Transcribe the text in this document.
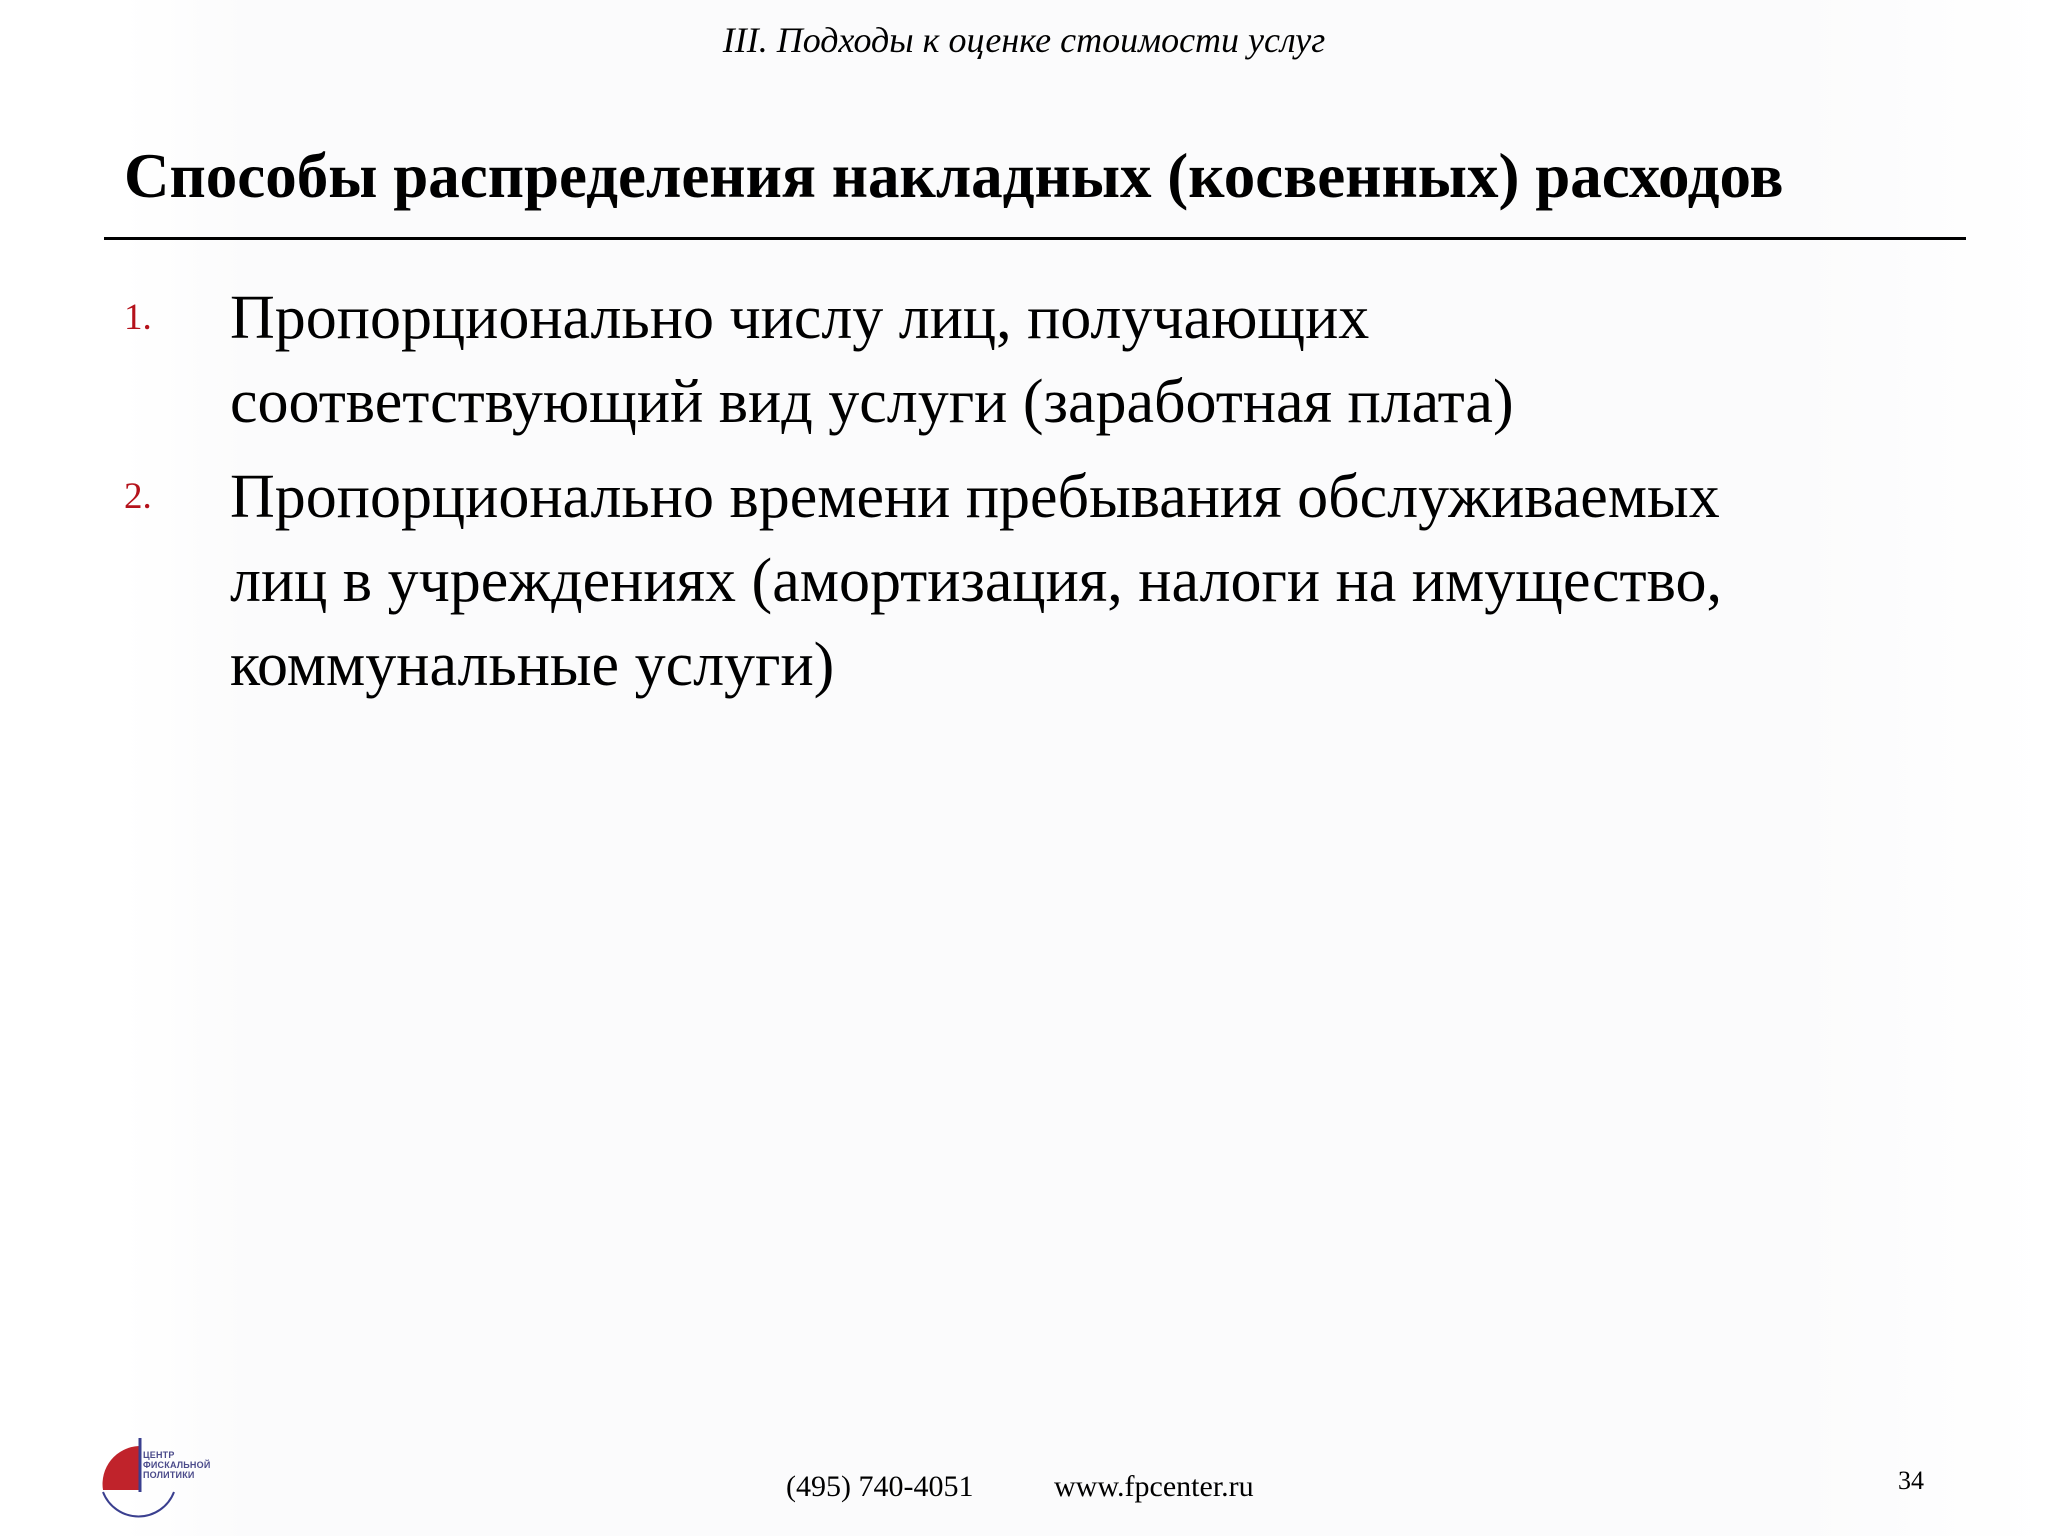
III. Подходы к оценке стоимости услуг
Способы распределения накладных (косвенных) расходов
1. Пропорционально числу лиц, получающих
соответствующий вид услуги (заработная плата)
2. Пропорционально времени пребывания обслуживаемых
лиц в учреждениях (амортизация, налоги на имущество,
коммунальные услуги)
ЦЕНТР
ФИСКАЛЬНОЙ
ПОЛИТИКИ	(495) 740-4051	www.fpcenter.ru	34
